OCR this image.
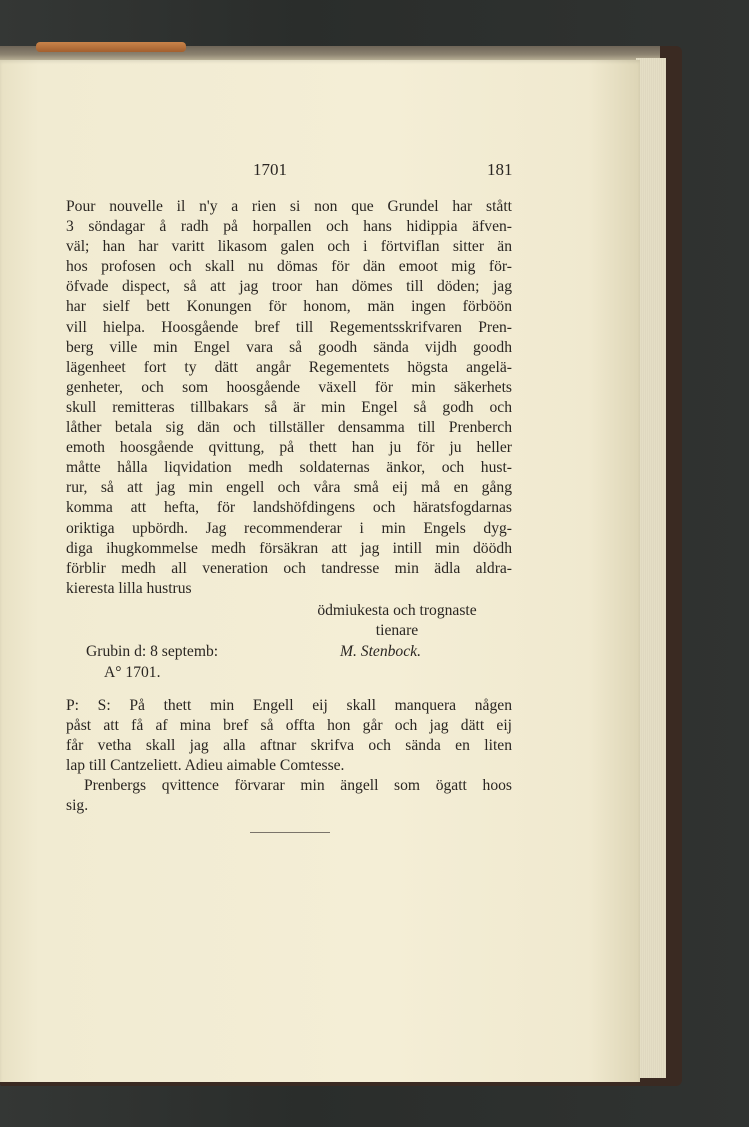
1701	181
Pour nouvelle il n'y a rien si non que Grundel har stått
3 söndagar å radh på horpallen och hans hidippia äfven-
väl; han har varitt likasom galen och i förtviflan sitter än
hos profosen och skall nu dömas för dän emoot mig för-
öfvade dispect, så att jag troor han dömes till döden; jag
har sielf bett Konungen för honom, män ingen förböön
vill hielpa. Hoosgående bref till Regementsskrifvaren Pren-
berg ville min Engel vara så goodh sända vijdh goodh
lägenheet fort ty dätt angår Regementets högsta angelä-
genheter, och som hoosgående växell för min säkerhets
skull remitteras tillbakars så är min Engel så godh och
låther betala sig dän och tillställer densamma till Prenberch
emoth hoosgående qvittung, på thett han ju för ju heller
måtte hålla liqvidation medh soldaternas änkor, och hust-
rur, så att jag min engell och våra små eij må en gång
komma att hefta, för landshöfdingens och häratsfogdarnas
oriktiga upbördh. Jag recommenderar i min Engels dyg-
diga ihugkommelse medh försäkran att jag intill min döödh
förblir medh all veneration och tandresse min ädla aldra-
kieresta lilla hustrus
ödmiukesta och trognaste
tienare
Grubin d: 8 septemb:	M. Stenbock.
A° 1701.
P: S: På thett min Engell eij skall manquera någen
påst att få af mina bref så offta hon går och jag dätt eij
får vetha skall jag alla aftnar skrifva och sända en liten
lap till Cantzeliett. Adieu aimable Comtesse.
Prenbergs qvittence förvarar min ängell som ögatt hoos
sig.
